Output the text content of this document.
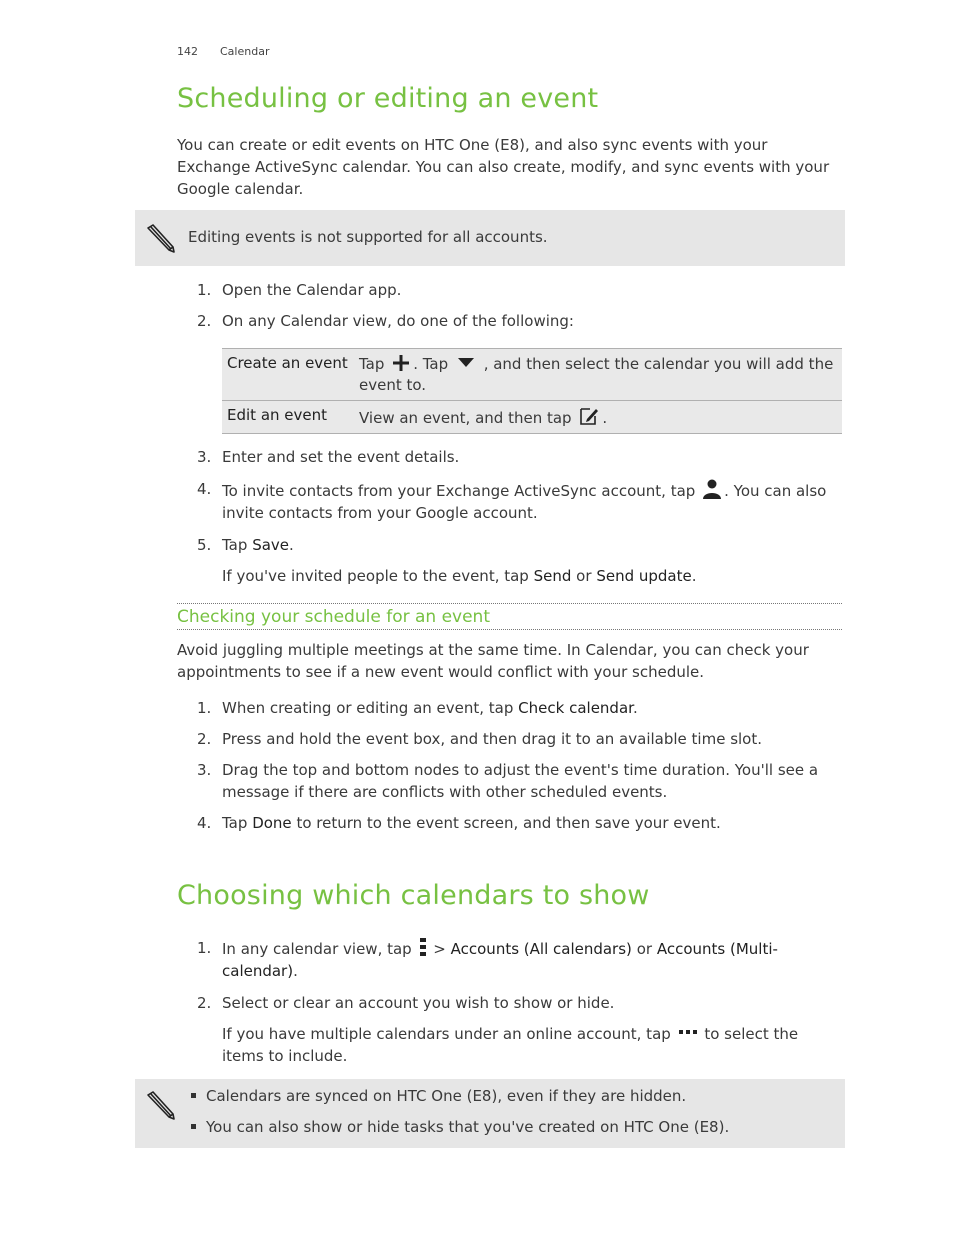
142 Calendar
Scheduling or editing an event

You can create or edit events on HTC One (E8), and also sync events with your Exchange ActiveSync calendar. You can also create, modify, and sync events with your Google calendar.

Editing events is not supported for all accounts.
1. Open the Calendar app.
2. On any Calendar view, do one of the following:
Create an event	Tap . Tap , and then select the calendar you will add the event to.
Edit an event	View an event, and then tap .
3. Enter and set the event details.
4. To invite contacts from your Exchange ActiveSync account, tap . You can also invite contacts from your Google account.
5. Tap Save.
If you've invited people to the event, tap Send or Send update.
Checking your schedule for an event

Avoid juggling multiple meetings at the same time. In Calendar, you can check your appointments to see if a new event would conflict with your schedule.

1. When creating or editing an event, tap Check calendar.
2. Press and hold the event box, and then drag it to an available time slot.
3. Drag the top and bottom nodes to adjust the event's time duration. You'll see a message if there are conflicts with other scheduled events.
4. Tap Done to return to the event screen, and then save your event.
Choosing which calendars to show
1. In any calendar view, tap > Accounts (All calendars) or Accounts (Multi-calendar).
2. Select or clear an account you wish to show or hide.
If you have multiple calendars under an online account, tap to select the items to include.
Calendars are synced on HTC One (E8), even if they are hidden.
You can also show or hide tasks that you've created on HTC One (E8).
